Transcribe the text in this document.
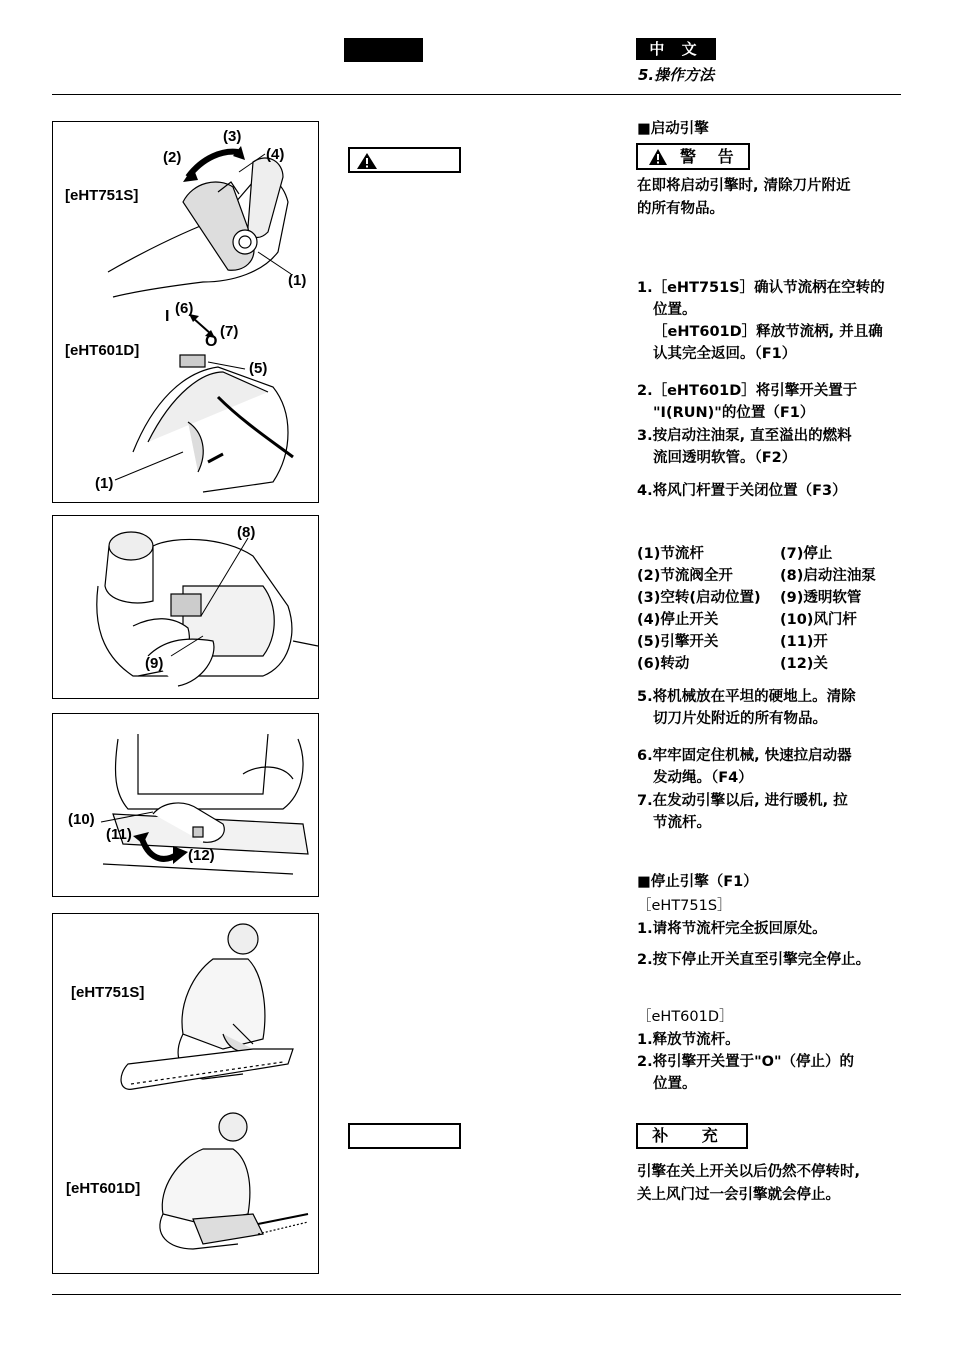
中 文
5.操作方法
(3)
(2)	(4)
[eHT751S]
(1)
I (6)
(7)
O
[eHT601D]
(5)
(1)
(8)
(9)
(10)
(11)
(12)
[eHT751S]
[eHT601D]
■启动引擎
警 告
在即将启动引擎时, 清除刀片附近
的所有物品。
1.［eHT751S］确认节流柄在空转的
位置。
［eHT601D］释放节流柄, 并且确
认其完全返回。（F1）
2.［eHT601D］将引擎开关置于
"I(RUN)"的位置（F1）
3.按启动注油泵, 直至溢出的燃料
流回透明软管。（F2）
4.将风门杆置于关闭位置（F3）
(1)节流杆
(2)节流阀全开
(3)空转(启动位置)
(4)停止开关
(5)引擎开关
(6)转动
(7)停止
(8)启动注油泵
(9)透明软管
(10)风门杆
(11)开
(12)关
5.将机械放在平坦的硬地上。清除
切刀片处附近的所有物品。
6.牢牢固定住机械, 快速拉启动器
发动绳。（F4）
7.在发动引擎以后, 进行暖机, 拉
节流杆。
■停止引擎（F1）
［eHT751S］
1.请将节流杆完全扳回原处。
2.按下停止开关直至引擎完全停止。
［eHT601D］
1.释放节流杆。
2.将引擎开关置于"O"（停止）的
位置。
补 充
引擎在关上开关以后仍然不停转时,
关上风门过一会引擎就会停止。
